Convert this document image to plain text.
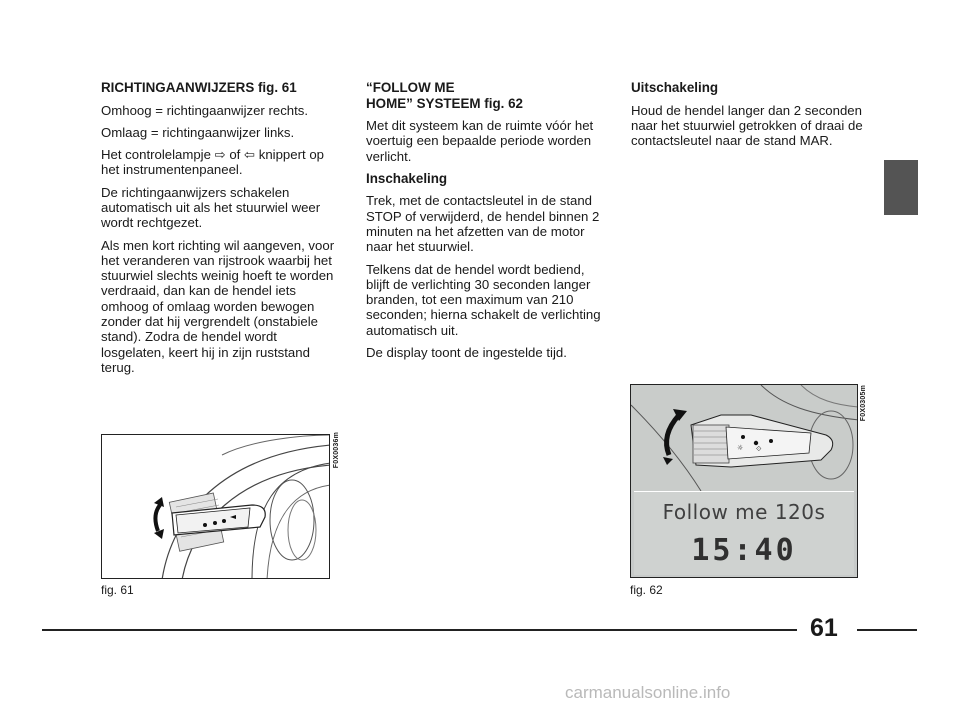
RICHTINGAANWIJZERS fig. 61

Omhoog = richtingaanwijzer rechts.

Omlaag = richtingaanwijzer links.

Het controlelampje ⇨ of ⇦ knippert op het instrumentenpaneel.

De richtingaanwijzers schakelen automatisch uit als het stuurwiel weer wordt rechtgezet.

Als men kort richting wil aangeven, voor het veranderen van rijstrook waarbij het stuurwiel slechts weinig hoeft te worden verdraaid, dan kan de hendel iets omhoog of omlaag worden bewogen zonder dat hij vergrendelt (onstabiele stand). Zodra de hendel wordt losgelaten, keert hij in zijn ruststand terug.

“FOLLOW ME
HOME” SYSTEEM fig. 62

Met dit systeem kan de ruimte vóór het voertuig een bepaalde periode worden verlicht.

Inschakeling

Trek, met de contactsleutel in de stand STOP of verwijderd, de hendel binnen 2 minuten na het afzetten van de motor naar het stuurwiel.

Telkens dat de hendel wordt bediend, blijft de verlichting 30 seconden langer branden, tot een maximum van 210 seconden; hierna schakelt de verlichting automatisch uit.

De display toont de ingestelde tijd.

Uitschakeling

Houd de hendel langer dan 2 seconden naar het stuurwiel getrokken of draai de contactsleutel naar de stand MAR.

F0X0036m
fig. 61
☼ ⟐
Follow me 120s
15:40
F0X0305m
fig. 62
61
carmanualsonline.info
